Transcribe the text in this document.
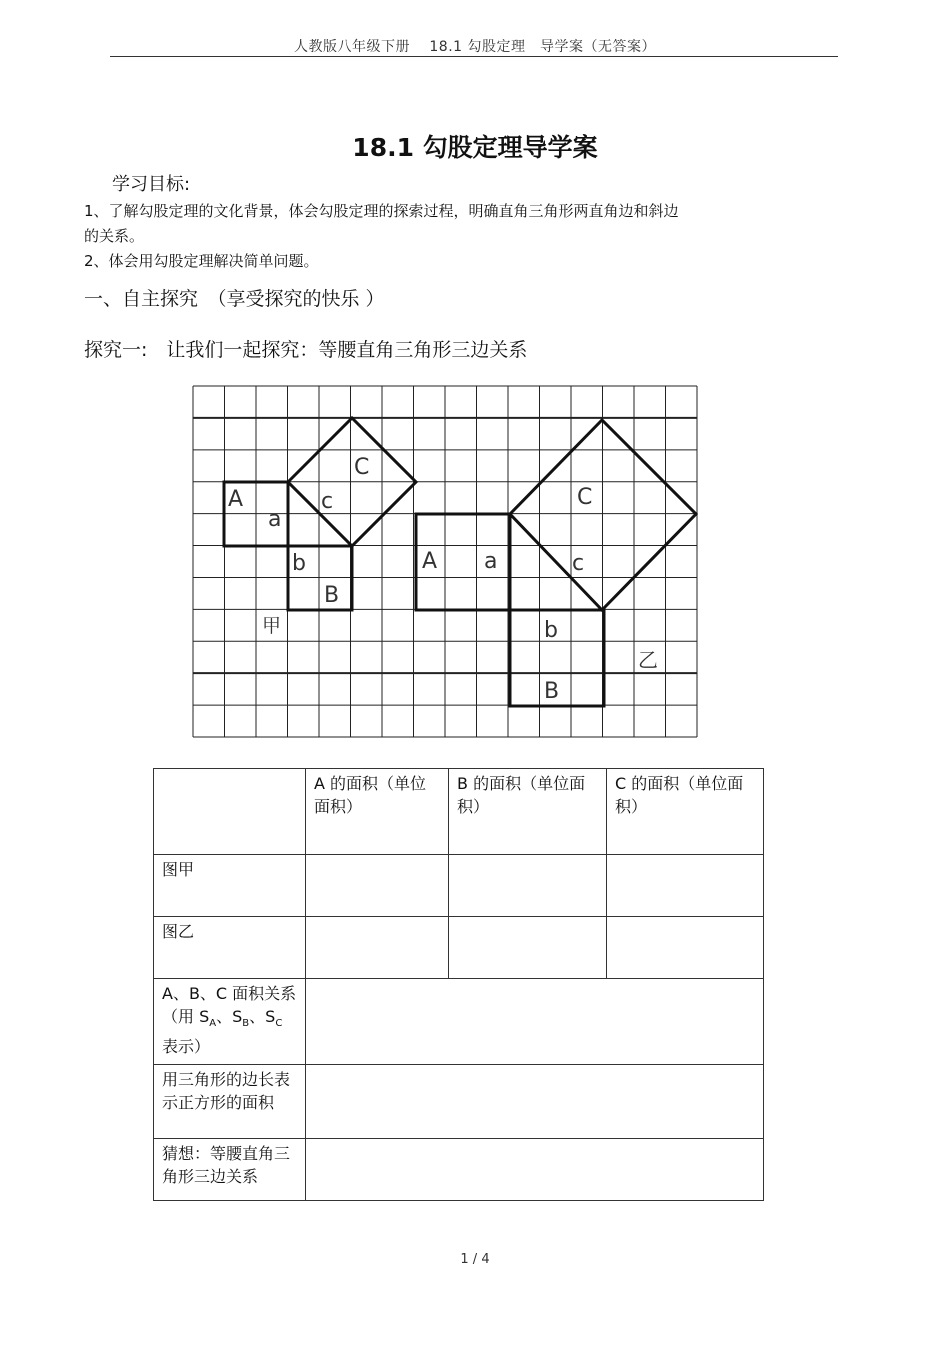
人教版八年级下册　 18.1 勾股定理　导学案（无答案）
18.1 勾股定理导学案
学习目标:
1、了解勾股定理的文化背景，体会勾股定理的探索过程，明确直角三角形两直角边和斜边
的关系。
2、体会用勾股定理解决简单问题。
一、自主探究　（享受探究的快乐 ）
探究一:　让我们一起探究：等腰直角三角形三边关系
A
a
C
c
b
B
甲
A a
C
c
b
B
乙
	A 的面积（单位面积）	B 的面积（单位面积）	C 的面积（单位面积）
图甲			
图乙			
A、B、C 面积关系（用 $S_A$、$S_B$、$S_C$表示）			
用三角形的边长表示正方形的面积			
猜想：等腰直角三角形三边关系			
1 / 4
